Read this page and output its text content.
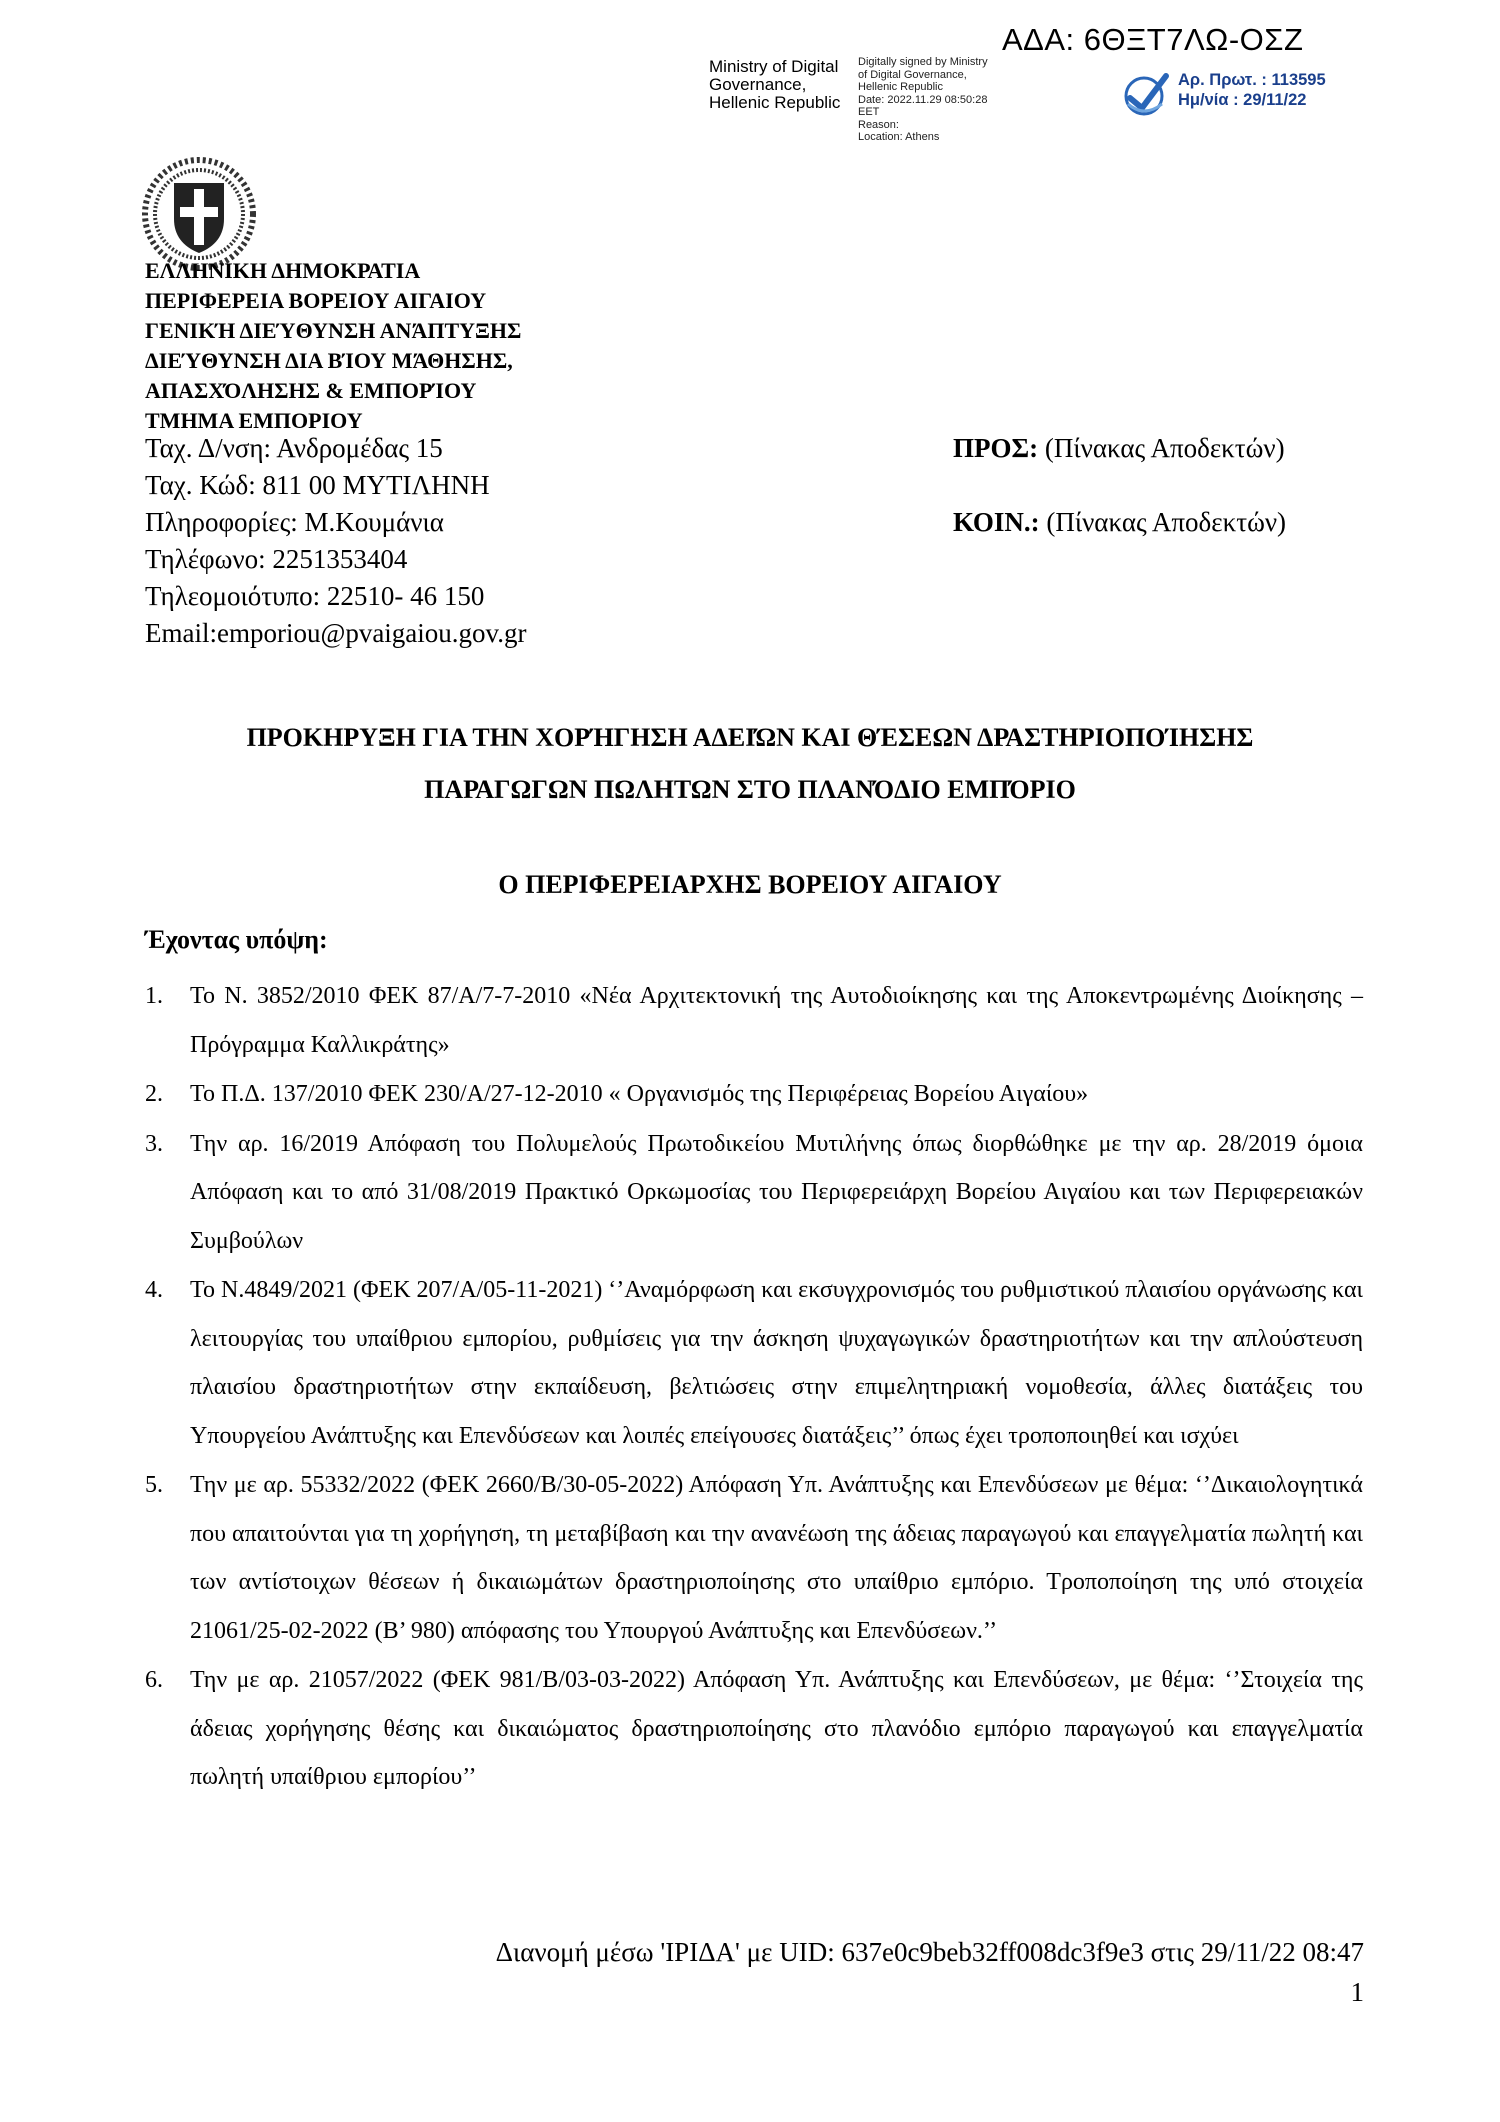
ΑΔΑ: 6ΘΞΤ7ΛΩ-ΟΣΖ
Ministry of Digital Governance, Hellenic Republic
Digitally signed by Ministry
of Digital Governance,
Hellenic Republic
Date: 2022.11.29 08:50:28
EET
Reason:
Location: Athens
Αρ. Πρωτ. : 113595
Ημ/νία : 29/11/22
ΕΛΛΗΝΙΚΗ ΔΗΜΟΚΡΑΤΙΑ
ΠΕΡΙΦΕΡΕΙΑ ΒΟΡΕΙΟΥ ΑΙΓΑΙΟΥ
ΓΕΝΙΚΉ ΔΙΕΎΘΥΝΣΗ ΑΝΆΠΤΥΞΗΣ
ΔΙΕΎΘΥΝΣΗ ΔΙΑ ΒΊΟΥ ΜΆΘΗΣΗΣ,
ΑΠΑΣΧΌΛΗΣΗΣ & ΕΜΠΟΡΊΟΥ
ΤΜΗΜΑ ΕΜΠΟΡΙΟΥ
Ταχ. Δ/νση: Ανδρομέδας 15
Ταχ. Κώδ: 811 00 ΜΥΤΙΛΗΝΗ
Πληροφορίες: Μ.Κουμάνια
Τηλέφωνο: 2251353404
Τηλεομοιότυπο: 22510- 46 150
Email:emporiou@pvaigaiou.gov.gr
ΠΡΟΣ: (Πίνακας Αποδεκτών)
ΚΟΙΝ.: (Πίνακας Αποδεκτών)
ΠΡΟΚΗΡΥΞΗ ΓΙΑ ΤΗΝ ΧΟΡΉΓΗΣΗ ΑΔΕΙΏΝ ΚΑΙ ΘΈΣΕΩΝ ΔΡΑΣΤΗΡΙΟΠΟΊΗΣΗΣ
ΠΑΡΑΓΩΓΩΝ ΠΩΛΗΤΩΝ ΣΤΟ ΠΛΑΝΌΔΙΟ ΕΜΠΌΡΙΟ
Ο ΠΕΡΙΦΕΡΕΙΑΡΧΗΣ ΒΟΡΕΙΟΥ ΑΙΓΑΙΟΥ
Έχοντας υπόψη:
1. Το Ν. 3852/2010 ΦΕΚ 87/Α/7-7-2010 «Νέα Αρχιτεκτονική της Αυτοδιοίκησης και της Αποκεντρωμένης Διοίκησης –Πρόγραμμα Καλλικράτης»
2. Το Π.Δ. 137/2010 ΦΕΚ 230/Α/27-12-2010 « Οργανισμός της Περιφέρειας Βορείου Αιγαίου»
3. Την αρ. 16/2019 Απόφαση του Πολυμελούς Πρωτοδικείου Μυτιλήνης όπως διορθώθηκε με την αρ. 28/2019 όμοια Απόφαση και το από 31/08/2019 Πρακτικό Ορκωμοσίας του Περιφερειάρχη Βορείου Αιγαίου και των Περιφερειακών Συμβούλων
4. Το Ν.4849/2021 (ΦΕΚ 207/Α/05-11-2021) ‘’Αναμόρφωση και εκσυγχρονισμός του ρυθμιστικού πλαισίου οργάνωσης και λειτουργίας του υπαίθριου εμπορίου, ρυθμίσεις για την άσκηση ψυχαγωγικών δραστηριοτήτων και την απλούστευση πλαισίου δραστηριοτήτων στην εκπαίδευση, βελτιώσεις στην επιμελητηριακή νομοθεσία, άλλες διατάξεις του Υπουργείου Ανάπτυξης και Επενδύσεων και λοιπές επείγουσες διατάξεις’’ όπως έχει τροποποιηθεί και ισχύει
5. Την με αρ. 55332/2022 (ΦΕΚ 2660/Β/30-05-2022) Απόφαση Υπ. Ανάπτυξης και Επενδύσεων με θέμα: ‘’Δικαιολογητικά που απαιτούνται για τη χορήγηση, τη μεταβίβαση και την ανανέωση της άδειας παραγωγού και επαγγελματία πωλητή και των αντίστοιχων θέσεων ή δικαιωμάτων δραστηριοποίησης στο υπαίθριο εμπόριο. Τροποποίηση της υπό στοιχεία 21061/25-02-2022 (Β’ 980) απόφασης του Υπουργού Ανάπτυξης και Επενδύσεων.’’
6. Την με αρ. 21057/2022 (ΦΕΚ 981/Β/03-03-2022) Απόφαση Υπ. Ανάπτυξης και Επενδύσεων, με θέμα: ‘’Στοιχεία της άδειας χορήγησης θέσης και δικαιώματος δραστηριοποίησης στο πλανόδιο εμπόριο παραγωγού και επαγγελματία πωλητή υπαίθριου εμπορίου’’
Διανομή μέσω 'ΙΡΙΔΑ' με UID: 637e0c9beb32ff008dc3f9e3 στις 29/11/22 08:47
1
